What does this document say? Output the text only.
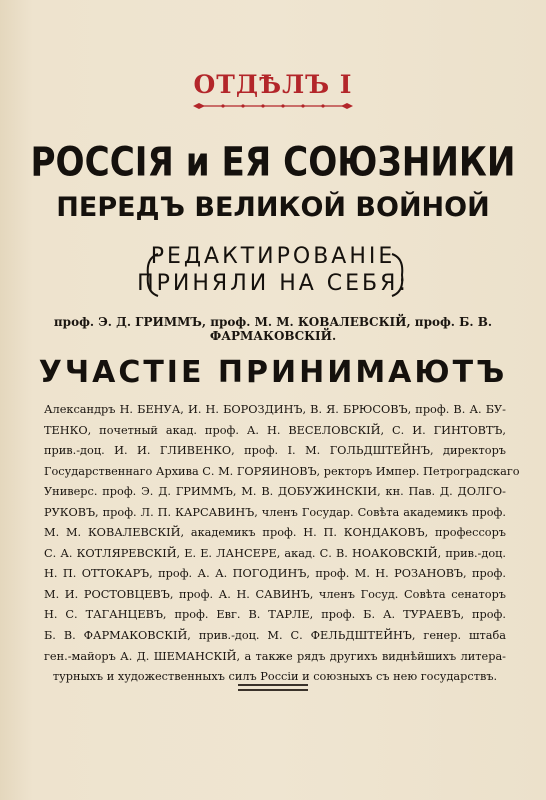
ОТДѢЛЪ I
РОССІЯ и ЕЯ СОЮЗНИКИ
ПЕРЕДЪ ВЕЛИКОЙ ВОЙНОЙ
РЕДАКТИРОВАНІЕ
ПРИНЯЛИ НА СЕБЯ:
проф. Э. Д. ГРИММЪ, проф. М. М. КОВАЛЕВСКІЙ, проф. Б. В. ФАРМАКОВСКІЙ.
УЧАСТІЕ ПРИНИМАЮТЪ
Александръ Н. БЕНУА, И. Н. БОРОЗДИНЪ, В. Я. БРЮСОВЪ, проф. В. А. БУ-
ТЕНКО, почетный акад. проф. А. Н. ВЕСЕЛОВСКІЙ, С. И. ГИНТОВТЪ,
прив.-доц. И. И. ГЛИВЕНКО, проф. І. М. ГОЛЬДШТЕЙНЪ, директоръ
Государственнаго Архива С. М. ГОРЯИНОВЪ, ректоръ Импер. Петроградскаго
Универс. проф. Э. Д. ГРИММЪ, М. В. ДОБУЖИНСКІИ, кн. Пав. Д. ДОЛГО-
РУКОВЪ, проф. Л. П. КАРСАВИНЪ, членъ Государ. Совѣта академикъ проф.
М. М. КОВАЛЕВСКІЙ, академикъ проф. Н. П. КОНДАКОВЪ, профессоръ
С. А. КОТЛЯРЕВСКІЙ, Е. Е. ЛАНСЕРЕ, акад. С. В. НОАКОВСКІЙ, прив.-доц.
Н. П. ОТТОКАРЪ, проф. А. А. ПОГОДИНЪ, проф. М. Н. РОЗАНОВЪ, проф.
М. И. РОСТОВЦЕВЪ, проф. А. Н. САВИНЪ, членъ Госуд. Совѣта сенаторъ
Н. С. ТАГАНЦЕВЪ, проф. Евг. В. ТАРЛЕ, проф. Б. А. ТУРАЕВЪ, проф.
Б. В. ФАРМАКОВСКІЙ, прив.-доц. М. С. ФЕЛЬДШТЕЙНЪ, генер. штаба
ген.-майоръ А. Д. ШЕМАНСКІЙ, а также рядъ другихъ виднѣйшихъ литера-
турныхъ и художественныхъ силъ Россіи и союзныхъ съ нею государствъ.
